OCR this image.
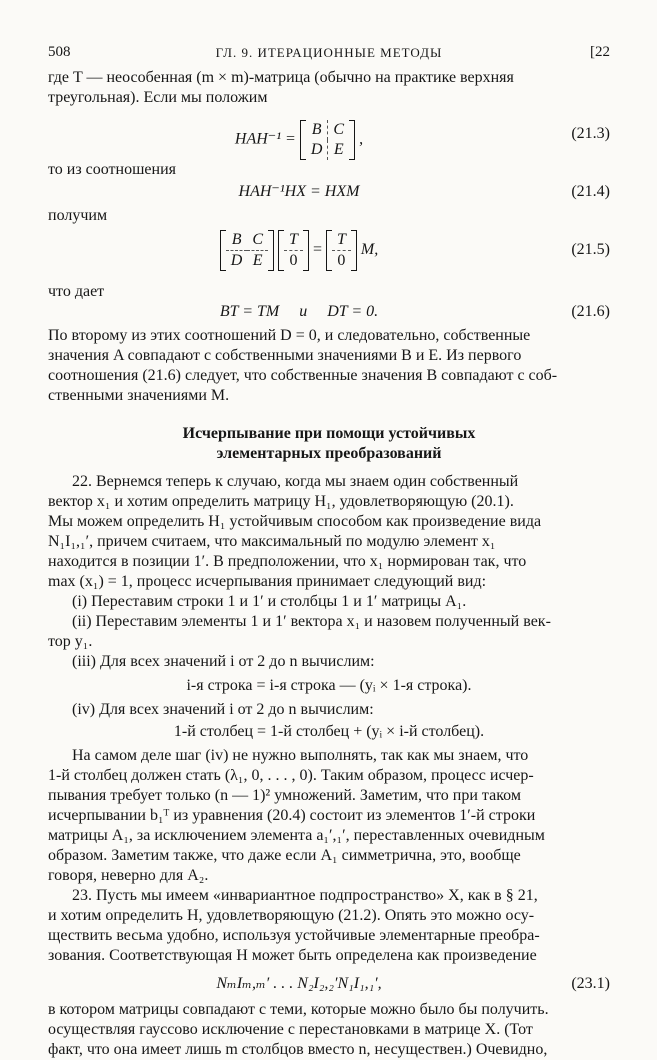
508	ГЛ. 9. ИТЕРАЦИОННЫЕ МЕТОДЫ	[22
где T — неособенная (m × m)-матрица (обычно на практике верхняя
треугольная). Если мы положим
HAH⁻¹ =
B	C
D	E
,	(21.3)
то из соотношения
HAH⁻¹HX = HXM	(21.4)
получим
B	C
D	E

T
0
=
T
0
M,	(21.5)
что дает
BT = TM     и     DT = 0.	(21.6)
По второму из этих соотношений D = 0, и следовательно, собственные
значения A совпадают с собственными значениями B и E. Из первого
соотношения (21.6) следует, что собственные значения B совпадают с соб-
ственными значениями M.
Исчерпывание при помощи устойчивых
элементарных преобразований
22. Вернемся теперь к случаю, когда мы знаем один собственный
вектор x₁ и хотим определить матрицу H₁, удовлетворяющую (20.1).
Мы можем определить H₁ устойчивым способом как произведение вида
N₁I₁,₁′, причем считаем, что максимальный по модулю элемент x₁
находится в позиции 1′. В предположении, что x₁ нормирован так, что
max (x₁) = 1, процесс исчерпывания принимает следующий вид:
(i) Переставим строки 1 и 1′ и столбцы 1 и 1′ матрицы A₁.
(ii) Переставим элементы 1 и 1′ вектора x₁ и назовем полученный век-
тор y₁.
(iii) Для всех значений i от 2 до n вычислим:
i-я строка = i-я строка — (yᵢ × 1-я строка).
(iv) Для всех значений i от 2 до n вычислим:
1-й столбец = 1-й столбец + (yᵢ × i-й столбец).
На самом деле шаг (iv) не нужно выполнять, так как мы знаем, что
1-й столбец должен стать (λ₁, 0, . . . , 0). Таким образом, процесс исчер-
пывания требует только (n — 1)² умножений. Заметим, что при таком
исчерпывании b₁ᵀ из уравнения (20.4) состоит из элементов 1′-й строки
матрицы A₁, за исключением элемента a₁′,₁′, переставленных очевидным
образом. Заметим также, что даже если A₁ симметрична, это, вообще
говоря, неверно для A₂.
23. Пусть мы имеем «инвариантное подпространство» X, как в § 21,
и хотим определить H, удовлетворяющую (21.2). Опять это можно осу-
ществить весьма удобно, используя устойчивые элементарные преобра-
зования. Соответствующая H может быть определена как произведение
NₘIₘ,ₘ′ . . . N₂I₂,₂′N₁I₁,₁′,	(23.1)
в котором матрицы совпадают с теми, которые можно было бы получить.
осуществляя гауссово исключение с перестановками в матрице X. (Тот
факт, что она имеет лишь m столбцов вместо n, несуществен.) Очевидно,
